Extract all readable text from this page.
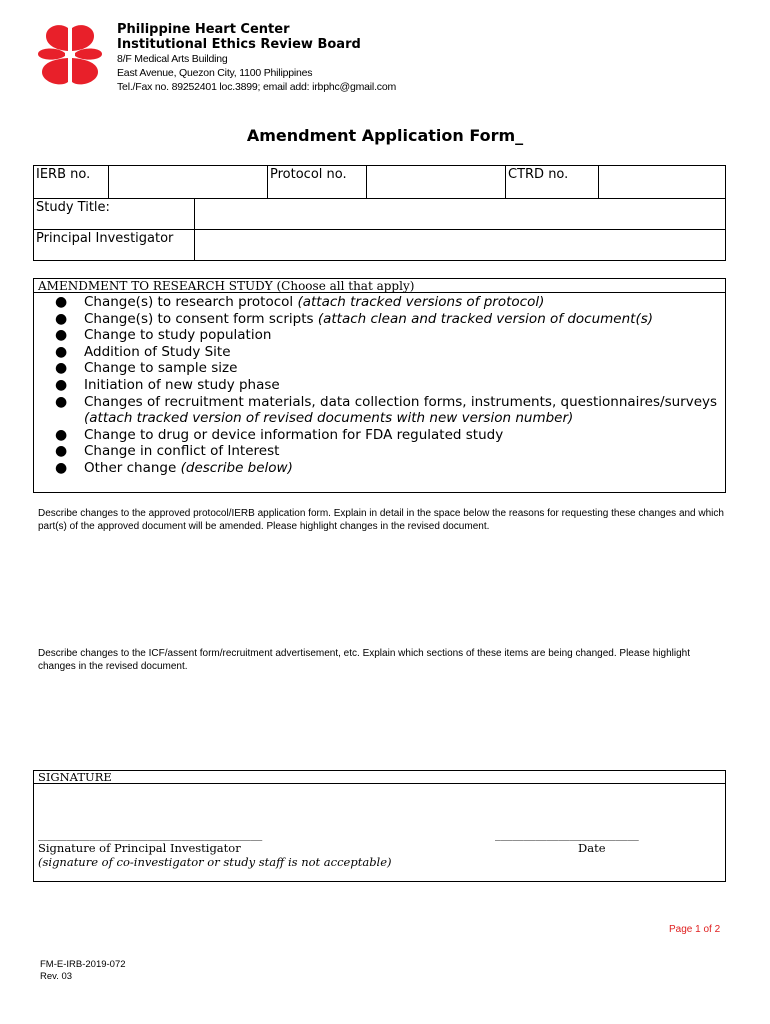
Philippine Heart Center
Institutional Ethics Review Board
8/F Medical Arts Building
East Avenue, Quezon City, 1100 Philippines
Tel./Fax no. 89252401 loc.3899; email add: irbphc@gmail.com
Amendment Application Form_
IERB no.		Protocol no.		CTRD no.	
Study Title:	
Principal Investigator	
AMENDMENT TO RESEARCH STUDY (Choose all that apply)
● Change(s) to research protocol (attach tracked versions of protocol)
● Change(s) to consent form scripts (attach clean and tracked version of document(s)
● Change to study population
● Addition of Study Site
● Change to sample size
● Initiation of new study phase
● Changes of recruitment materials, data collection forms, instruments, questionnaires/surveys (attach tracked version of revised documents with new version number)
● Change to drug or device information for FDA regulated study
● Change in conflict of Interest
● Other change (describe below)
Describe changes to the approved protocol/IERB application form. Explain in detail in the space below the reasons for requesting these changes and which part(s) of the approved document will be amended. Please highlight changes in the revised document.
Describe changes to the ICF/assent form/recruitment advertisement, etc. Explain which sections of these items are being changed. Please highlight changes in the revised document.
SIGNATURE
_______________________________________
Signature of Principal Investigator
(signature of co-investigator or study staff is not acceptable)
_________________________
Date
Page 1 of 2
FM-E-IRB-2019-072
Rev. 03
